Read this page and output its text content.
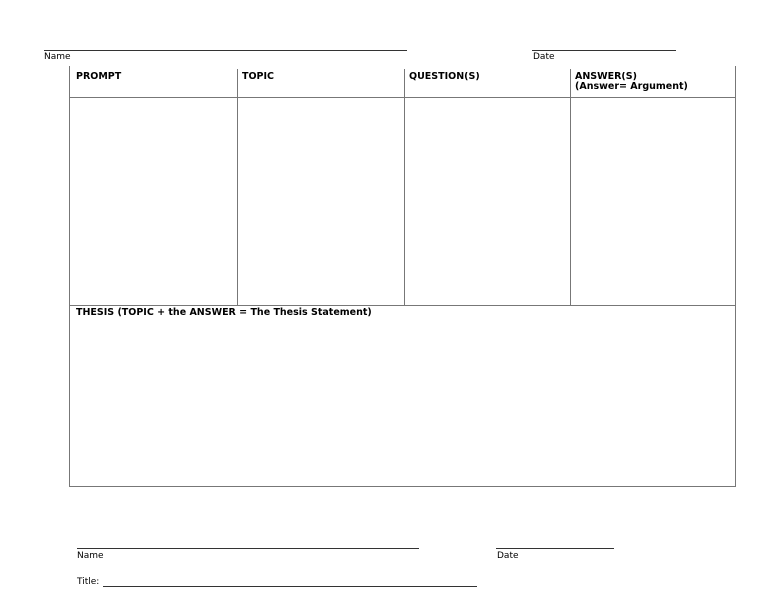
Name	Date
PROMPT	TOPIC	QUESTION(S)	ANSWER(S)
(Answer= Argument)
THESIS (TOPIC + the ANSWER = The Thesis Statement)
Name	Date
Title:
